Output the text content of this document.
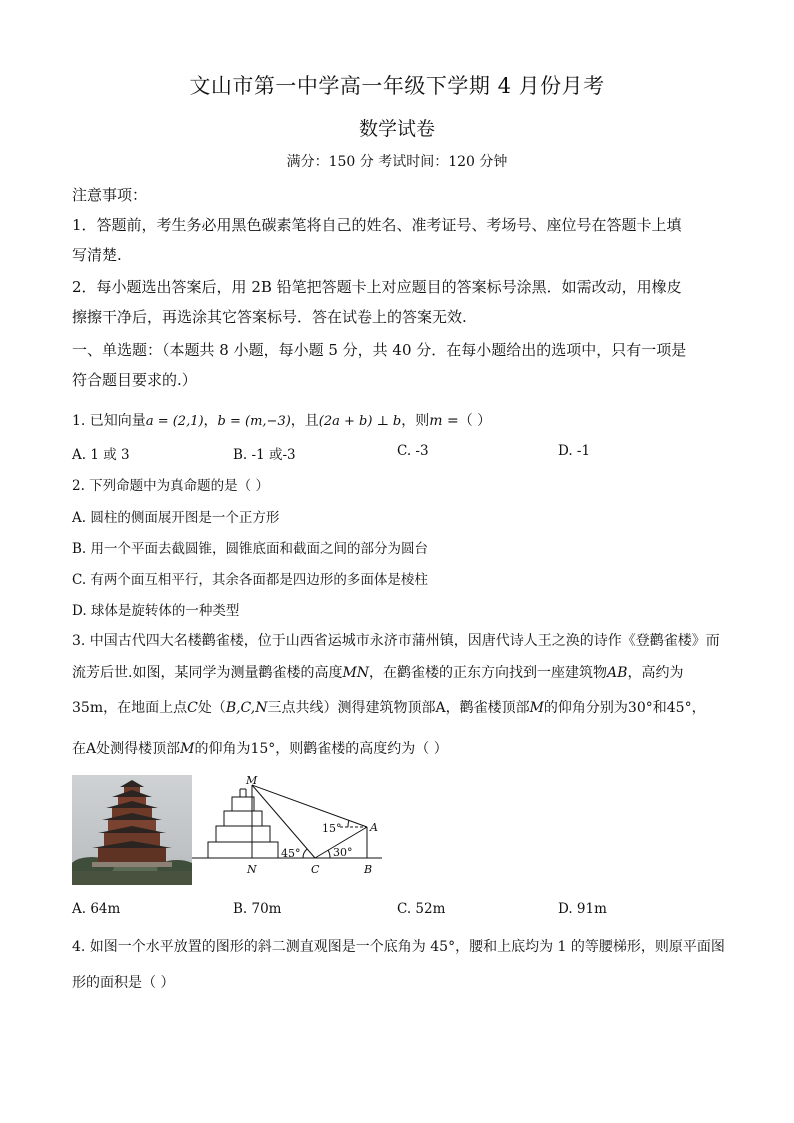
文山市第一中学高一年级下学期 4 月份月考
数学试卷
满分：150 分 考试时间：120 分钟
注意事项：
1．答题前，考生务必用黑色碳素笔将自己的姓名、准考证号、考场号、座位号在答题卡上填
写清楚.
2．每小题选出答案后，用 2B 铅笔把答题卡上对应题目的答案标号涂黑．如需改动，用橡皮
擦擦干净后，再选涂其它答案标号．答在试卷上的答案无效.
一、单选题：（本题共 8 小题，每小题 5 分，共 40 分．在每小题给出的选项中，只有一项是
符合题目要求的.）
1. 已知向量a = (2,1)，b = (m,−3)，且(2a + b) ⊥ b，则m =（ ）
A. 1 或 3	B. -1 或-3	C. -3	D. -1
2. 下列命题中为真命题的是（ ）
A. 圆柱的侧面展开图是一个正方形
B. 用一个平面去截圆锥，圆锥底面和截面之间的部分为圆台
C. 有两个面互相平行，其余各面都是四边形的多面体是棱柱
D. 球体是旋转体的一种类型
3. 中国古代四大名楼鹳雀楼，位于山西省运城市永济市蒲州镇，因唐代诗人王之涣的诗作《登鹳雀楼》而
流芳后世.如图，某同学为测量鹳雀楼的高度MN，在鹳雀楼的正东方向找到一座建筑物AB，高约为
35m，在地面上点C处（B,C,N三点共线）测得建筑物顶部A，鹳雀楼顶部M的仰角分别为30°和45°，
在A处测得楼顶部M的仰角为15°，则鹳雀楼的高度约为（ ）
M
N	C	B
A
15°
45°	30°
A. 64m	B. 70m	C. 52m	D. 91m
4. 如图一个水平放置的图形的斜二测直观图是一个底角为 45°，腰和上底均为 1 的等腰梯形，则原平面图
形的面积是（ ）
